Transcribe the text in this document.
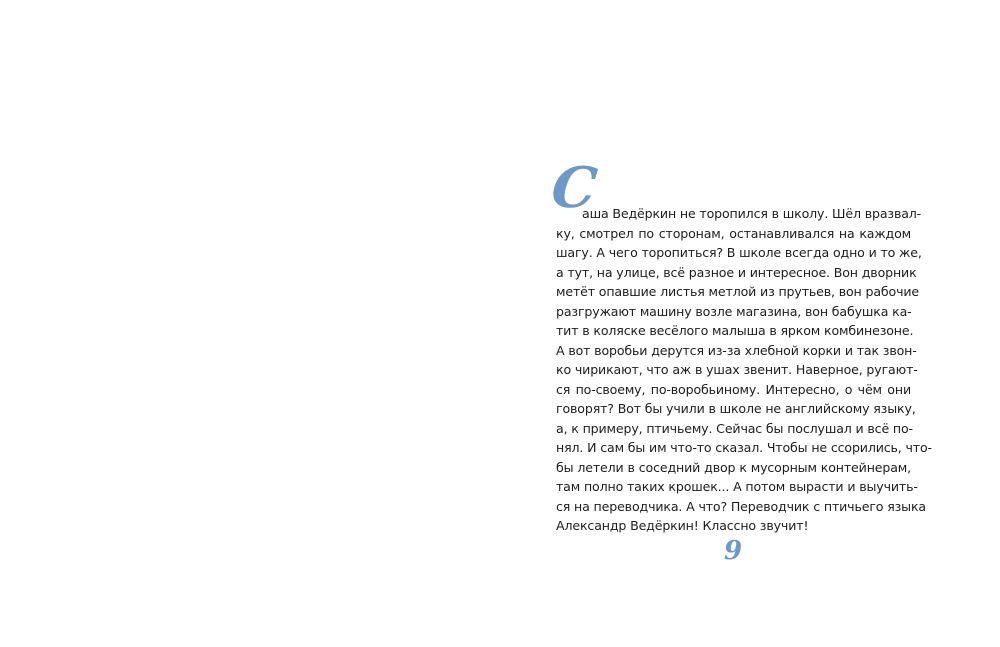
С
аша Ведёркин не торопился в школу. Шёл вразвал-
ку, смотрел по сторонам, останавливался на каждом
шагу. А чего торопиться? В школе всегда одно и то же,
а тут, на улице, всё разное и интересное. Вон дворник
метёт опавшие листья метлой из прутьев, вон рабочие
разгружают машину возле магазина, вон бабушка ка-
тит в коляске весёлого малыша в ярком комбинезоне.
А вот воробьи дерутся из-за хлебной корки и так звон-
ко чирикают, что аж в ушах звенит. Наверное, ругают-
ся по-своему, по-воробьиному. Интересно, о чём они
говорят? Вот бы учили в школе не английскому языку,
а, к примеру, птичьему. Сейчас бы послушал и всё по-
нял. И сам бы им что-то сказал. Чтобы не ссорились, что-
бы летели в соседний двор к мусорным контейнерам,
там полно таких крошек... А потом вырасти и выучить-
ся на переводчика. А что? Переводчик с птичьего языка
Александр Ведёркин! Классно звучит!
9
